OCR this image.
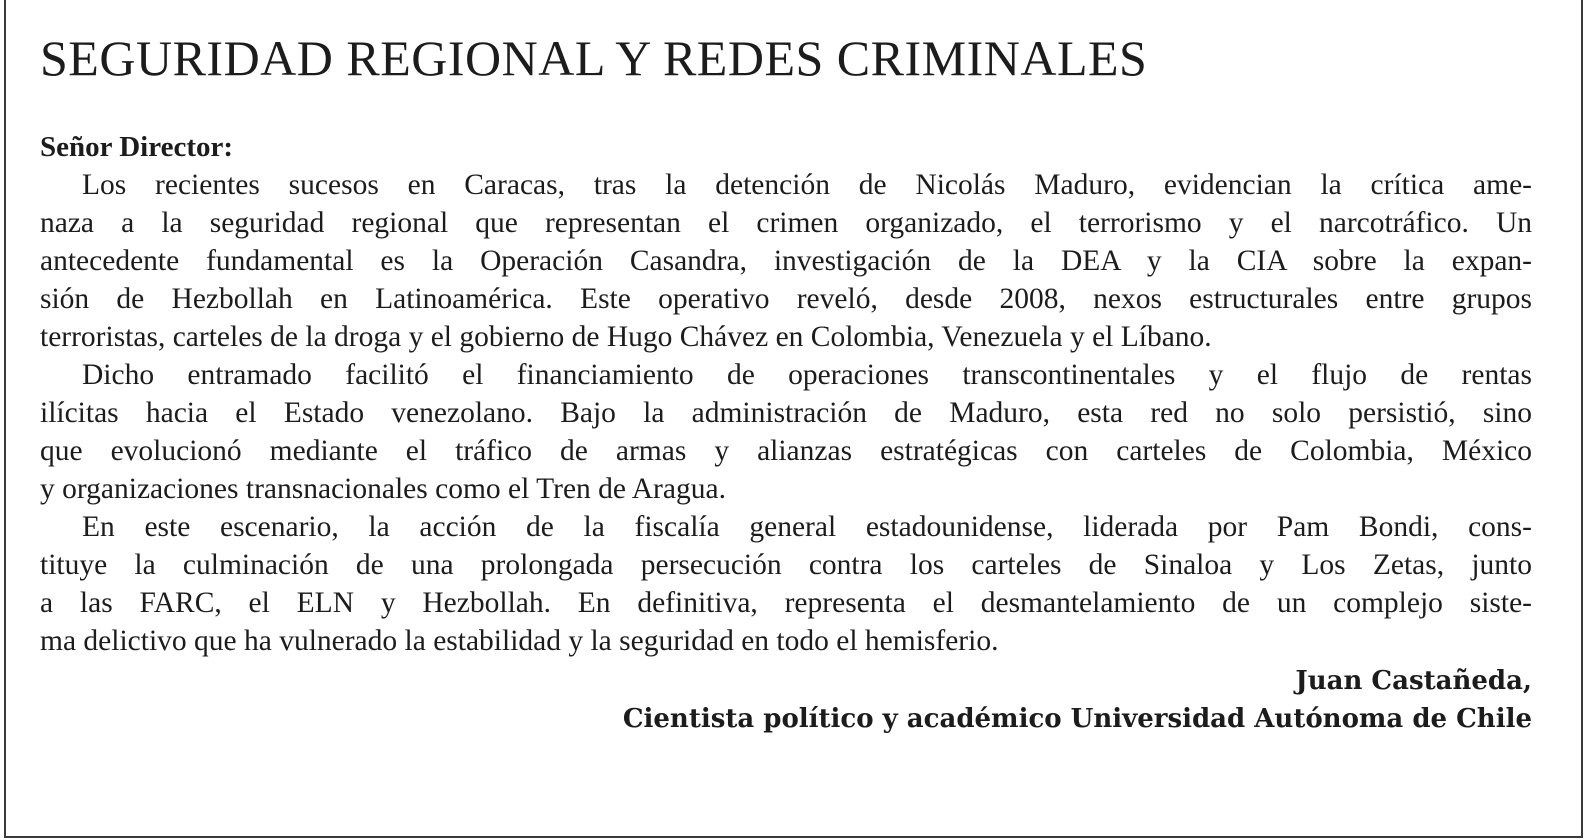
SEGURIDAD REGIONAL Y REDES CRIMINALES

Señor Director:

Los recientes sucesos en Caracas, tras la detención de Nicolás Maduro, evidencian la crítica ame-
naza a la seguridad regional que representan el crimen organizado, el terrorismo y el narcotráfico. Un
antecedente fundamental es la Operación Casandra, investigación de la DEA y la CIA sobre la expan-
sión de Hezbollah en Latinoamérica. Este operativo reveló, desde 2008, nexos estructurales entre grupos
terroristas, carteles de la droga y el gobierno de Hugo Chávez en Colombia, Venezuela y el Líbano.
Dicho entramado facilitó el financiamiento de operaciones transcontinentales y el flujo de rentas
ilícitas hacia el Estado venezolano. Bajo la administración de Maduro, esta red no solo persistió, sino
que evolucionó mediante el tráfico de armas y alianzas estratégicas con carteles de Colombia, México
y organizaciones transnacionales como el Tren de Aragua.
En este escenario, la acción de la fiscalía general estadounidense, liderada por Pam Bondi, cons-
tituye la culminación de una prolongada persecución contra los carteles de Sinaloa y Los Zetas, junto
a las FARC, el ELN y Hezbollah. En definitiva, representa el desmantelamiento de un complejo siste-
ma delictivo que ha vulnerado la estabilidad y la seguridad en todo el hemisferio.
Juan Castañeda,
Cientista político y académico Universidad Autónoma de Chile
